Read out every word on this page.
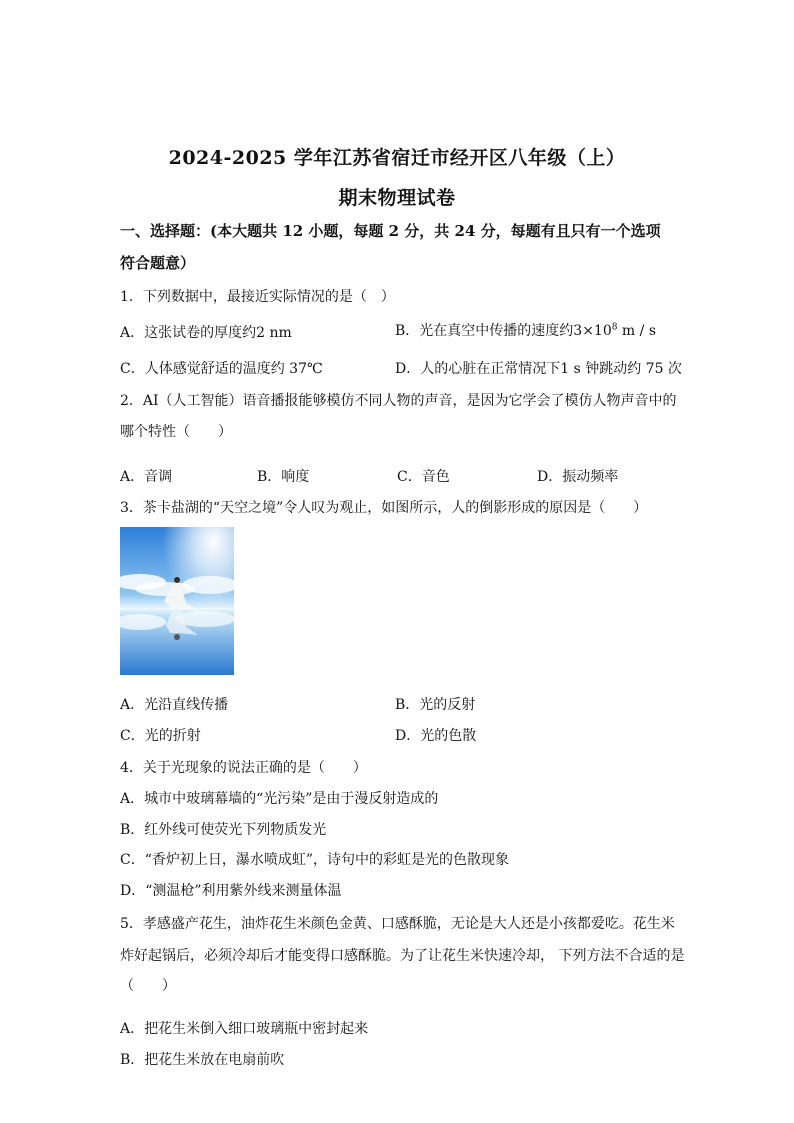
2024-2025 学年江苏省宿迁市经开区八年级（上）
期末物理试卷
一、选择题：(本大题共 12 小题，每题 2 分，共 24 分，每题有且只有一个选项
符合题意）
1．下列数据中，最接近实际情况的是（　）
A．这张试卷的厚度约2 nm	B．光在真空中传播的速度约$3\times 10^8$ m / s
C．人体感觉舒适的温度约 37℃	D．人的心脏在正常情况下1 s 钟跳动约 75 次
2．AI（人工智能）语音播报能够模仿不同人物的声音，是因为它学会了模仿人物声音中的
哪个特性（　　）
A．音调	B．响度	C．音色	D．振动频率
3．茶卡盐湖的“天空之境”令人叹为观止，如图所示，人的倒影形成的原因是（　　）
A．光沿直线传播	B．光的反射
C．光的折射	D．光的色散
4．关于光现象的说法正确的是（　　）
A．城市中玻璃幕墙的“光污染”是由于漫反射造成的
B．红外线可使荧光下列物质发光
C．“香炉初上日，瀑水喷成虹”，诗句中的彩虹是光的色散现象
D．“测温枪”利用紫外线来测量体温
5．孝感盛产花生，油炸花生米颜色金黄、口感酥脆，无论是大人还是小孩都爱吃。花生米
炸好起锅后，必须冷却后才能变得口感酥脆。为了让花生米快速冷却， 下列方法不合适的是
（　　）
A．把花生米倒入细口玻璃瓶中密封起来
B．把花生米放在电扇前吹
